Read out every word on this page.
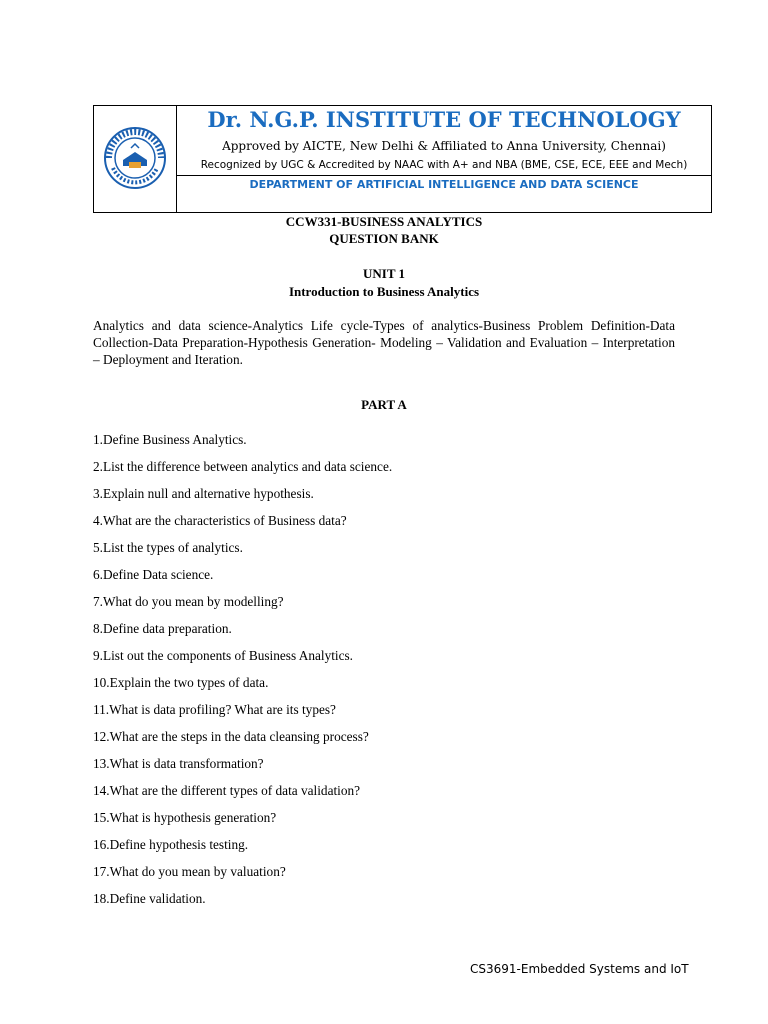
Dr. N.G.P. INSTITUTE OF TECHNOLOGY
Approved by AICTE, New Delhi & Affiliated to Anna University, Chennai)
Recognized by UGC & Accredited by NAAC with A+ and NBA (BME, CSE, ECE, EEE and Mech)
DEPARTMENT OF ARTIFICIAL INTELLIGENCE AND DATA SCIENCE
CCW331-BUSINESS ANALYTICS
QUESTION BANK
UNIT 1
Introduction to Business Analytics
Analytics and data science-Analytics Life cycle-Types of analytics-Business Problem Definition-Data Collection-Data Preparation-Hypothesis Generation- Modeling – Validation and Evaluation – Interpretation – Deployment and Iteration.
PART A
1.Define Business Analytics.
2.List the difference between analytics and data science.
3.Explain null and alternative hypothesis.
4.What are the characteristics of Business data?
5.List the types of analytics.
6.Define Data science.
7.What do you mean by modelling?
8.Define data preparation.
9.List out the components of Business Analytics.
10.Explain the two types of data.
11.What is data profiling? What are its types?
12.What are the steps in the data cleansing process?
13.What is data transformation?
14.What are the different types of data validation?
15.What is hypothesis generation?
16.Define hypothesis testing.
17.What do you mean by valuation?
18.Define validation.
CS3691-Embedded Systems and IoT
